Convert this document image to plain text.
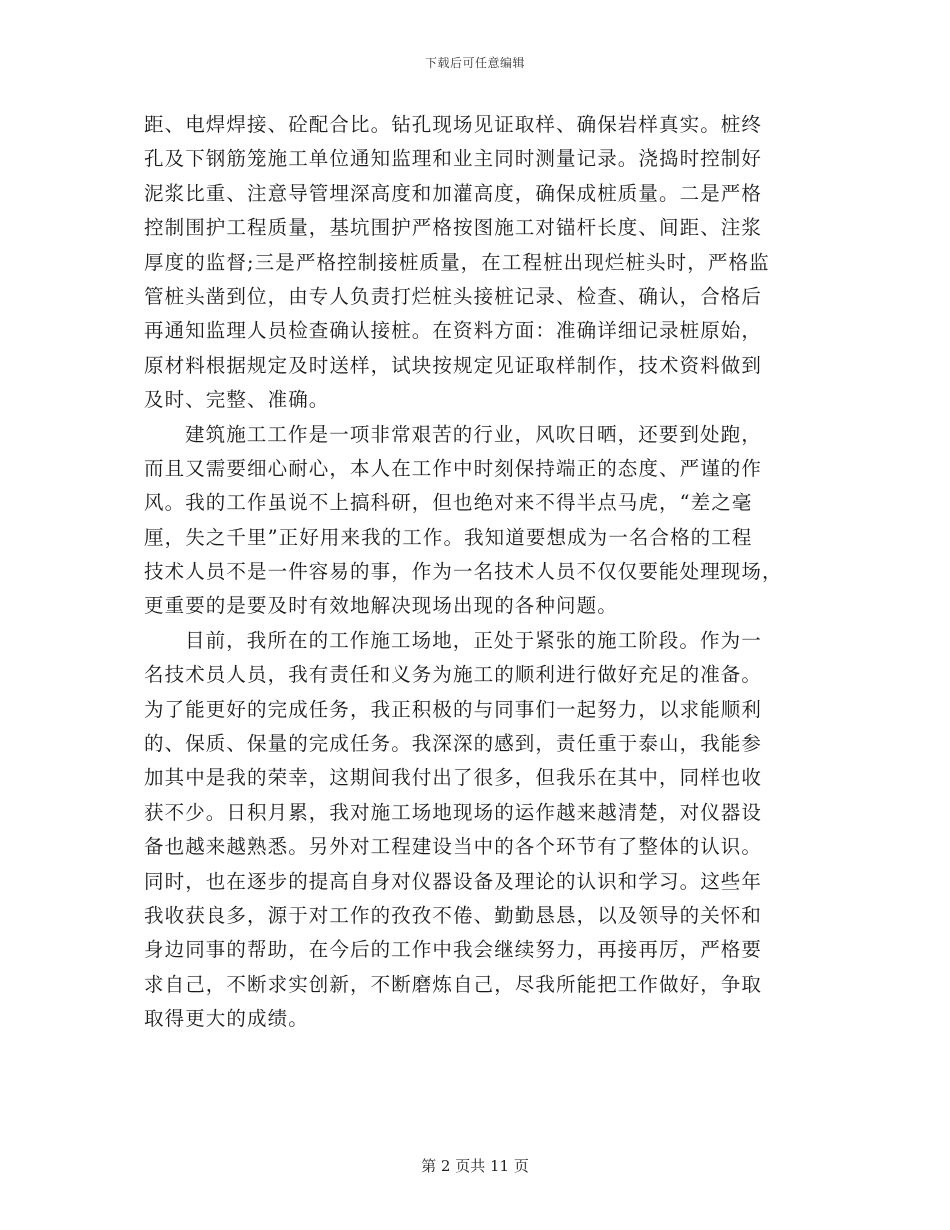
下载后可任意编辑
距、电焊焊接、砼配合比。钻孔现场见证取样、确保岩样真实。桩终
孔及下钢筋笼施工单位通知监理和业主同时测量记录。浇捣时控制好
泥浆比重、注意导管埋深高度和加灌高度，确保成桩质量。二是严格
控制围护工程质量，基坑围护严格按图施工对锚杆长度、间距、注浆
厚度的监督;三是严格控制接桩质量，在工程桩出现烂桩头时，严格监
管桩头凿到位，由专人负责打烂桩头接桩记录、检查、确认，合格后
再通知监理人员检查确认接桩。在资料方面：准确详细记录桩原始，
原材料根据规定及时送样，试块按规定见证取样制作，技术资料做到
及时、完整、准确。
建筑施工工作是一项非常艰苦的行业，风吹日晒，还要到处跑，
而且又需要细心耐心，本人在工作中时刻保持端正的态度、严谨的作
风。我的工作虽说不上搞科研，但也绝对来不得半点马虎，“差之毫
厘，失之千里”正好用来我的工作。我知道要想成为一名合格的工程
技术人员不是一件容易的事，作为一名技术人员不仅仅要能处理现场，
更重要的是要及时有效地解决现场出现的各种问题。
目前，我所在的工作施工场地，正处于紧张的施工阶段。作为一
名技术员人员，我有责任和义务为施工的顺利进行做好充足的准备。
为了能更好的完成任务，我正积极的与同事们一起努力，以求能顺利
的、保质、保量的完成任务。我深深的感到，责任重于泰山，我能参
加其中是我的荣幸，这期间我付出了很多，但我乐在其中，同样也收
获不少。日积月累，我对施工场地现场的运作越来越清楚，对仪器设
备也越来越熟悉。另外对工程建设当中的各个环节有了整体的认识。
同时，也在逐步的提高自身对仪器设备及理论的认识和学习。这些年
我收获良多，源于对工作的孜孜不倦、勤勤恳恳，以及领导的关怀和
身边同事的帮助，在今后的工作中我会继续努力，再接再厉，严格要
求自己，不断求实创新，不断磨炼自己，尽我所能把工作做好，争取
取得更大的成绩。
第 2 页共 11 页
